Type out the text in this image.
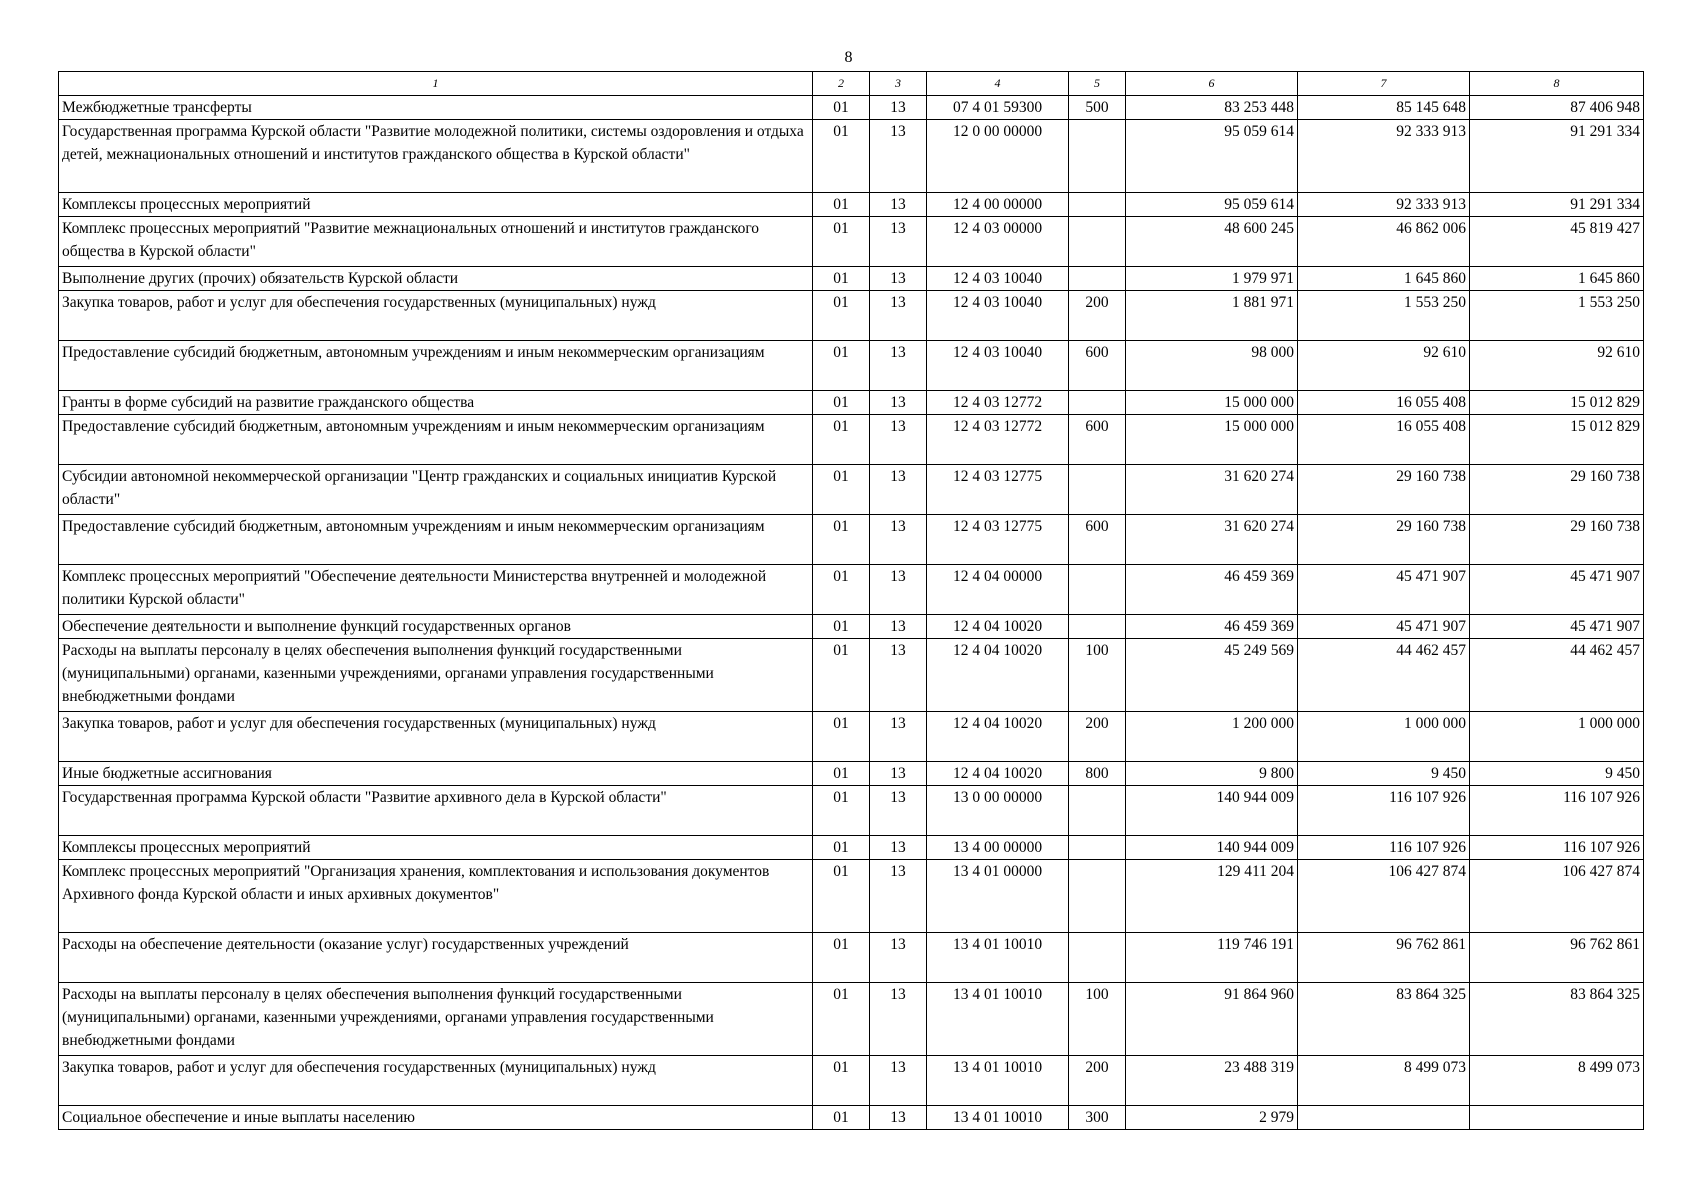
8
1	2	3	4	5	6	7	8
Межбюджетные трансферты	01	13	07 4 01 59300	500	83 253 448	85 145 648	87 406 948
Государственная программа Курской области "Развитие молодежной политики, системы оздоровления и отдыха детей, межнациональных отношений и институтов гражданского общества в Курской области"	01	13	12 0 00 00000		95 059 614	92 333 913	91 291 334
Комплексы процессных мероприятий	01	13	12 4 00 00000		95 059 614	92 333 913	91 291 334
Комплекс процессных мероприятий "Развитие межнациональных отношений и институтов гражданского общества в Курской области"	01	13	12 4 03 00000		48 600 245	46 862 006	45 819 427
Выполнение других (прочих) обязательств Курской области	01	13	12 4 03 10040		1 979 971	1 645 860	1 645 860
Закупка товаров, работ и услуг для обеспечения государственных (муниципальных) нужд	01	13	12 4 03 10040	200	1 881 971	1 553 250	1 553 250
Предоставление субсидий бюджетным, автономным учреждениям и иным некоммерческим организациям	01	13	12 4 03 10040	600	98 000	92 610	92 610
Гранты в форме субсидий на развитие гражданского общества	01	13	12 4 03 12772		15 000 000	16 055 408	15 012 829
Предоставление субсидий бюджетным, автономным учреждениям и иным некоммерческим организациям	01	13	12 4 03 12772	600	15 000 000	16 055 408	15 012 829
Субсидии автономной некоммерческой организации "Центр гражданских и социальных инициатив Курской области"	01	13	12 4 03 12775		31 620 274	29 160 738	29 160 738
Предоставление субсидий бюджетным, автономным учреждениям и иным некоммерческим организациям	01	13	12 4 03 12775	600	31 620 274	29 160 738	29 160 738
Комплекс процессных мероприятий "Обеспечение деятельности Министерства внутренней и молодежной политики Курской области"	01	13	12 4 04 00000		46 459 369	45 471 907	45 471 907
Обеспечение деятельности и выполнение функций государственных органов	01	13	12 4 04 10020		46 459 369	45 471 907	45 471 907
Расходы на выплаты персоналу в целях обеспечения выполнения функций государственными (муниципальными) органами, казенными учреждениями, органами управления государственными внебюджетными фондами	01	13	12 4 04 10020	100	45 249 569	44 462 457	44 462 457
Закупка товаров, работ и услуг для обеспечения государственных (муниципальных) нужд	01	13	12 4 04 10020	200	1 200 000	1 000 000	1 000 000
Иные бюджетные ассигнования	01	13	12 4 04 10020	800	9 800	9 450	9 450
Государственная программа Курской области "Развитие архивного дела в Курской области"	01	13	13 0 00 00000		140 944 009	116 107 926	116 107 926
Комплексы процессных мероприятий	01	13	13 4 00 00000		140 944 009	116 107 926	116 107 926
Комплекс процессных мероприятий "Организация хранения, комплектования и использования документов Архивного фонда Курской области и иных архивных документов"	01	13	13 4 01 00000		129 411 204	106 427 874	106 427 874
Расходы на обеспечение деятельности (оказание услуг) государственных учреждений	01	13	13 4 01 10010		119 746 191	96 762 861	96 762 861
Расходы на выплаты персоналу в целях обеспечения выполнения функций государственными (муниципальными) органами, казенными учреждениями, органами управления государственными внебюджетными фондами	01	13	13 4 01 10010	100	91 864 960	83 864 325	83 864 325
Закупка товаров, работ и услуг для обеспечения государственных (муниципальных) нужд	01	13	13 4 01 10010	200	23 488 319	8 499 073	8 499 073
Социальное обеспечение и иные выплаты населению	01	13	13 4 01 10010	300	2 979		
